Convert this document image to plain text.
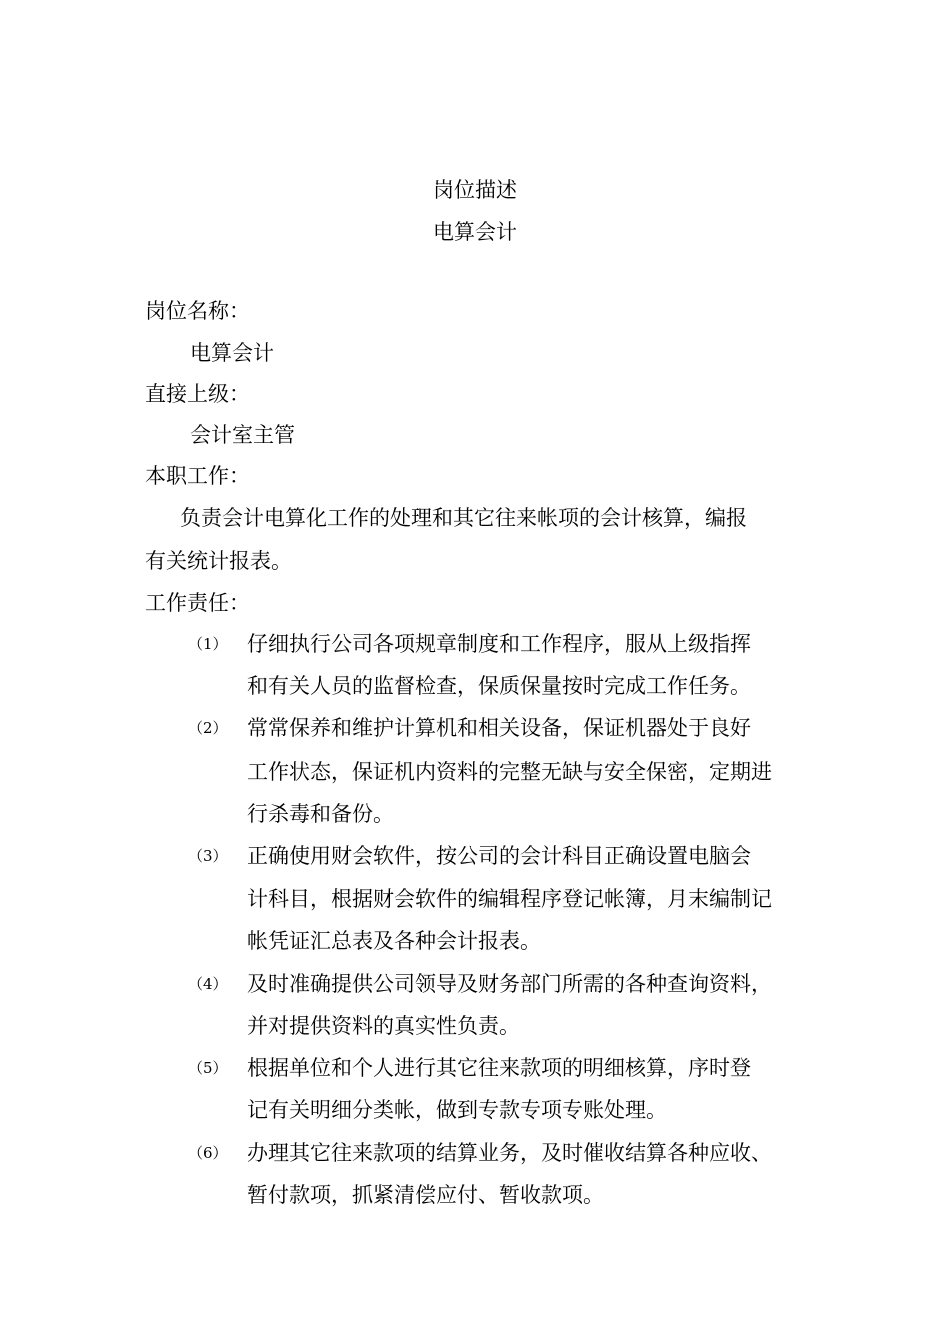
岗位描述
电算会计
岗位名称：
电算会计
直接上级：
会计室主管
本职工作：
负责会计电算化工作的处理和其它往来帐项的会计核算，编报
有关统计报表。
工作责任：
（1） 仔细执行公司各项规章制度和工作程序，服从上级指挥
和有关人员的监督检查，保质保量按时完成工作任务。
（2） 常常保养和维护计算机和相关设备，保证机器处于良好
工作状态，保证机内资料的完整无缺与安全保密，定期进
行杀毒和备份。
（3） 正确使用财会软件，按公司的会计科目正确设置电脑会
计科目，根据财会软件的编辑程序登记帐簿，月末编制记
帐凭证汇总表及各种会计报表。
（4） 及时准确提供公司领导及财务部门所需的各种查询资料，
并对提供资料的真实性负责。
（5） 根据单位和个人进行其它往来款项的明细核算，序时登
记有关明细分类帐，做到专款专项专账处理。
（6） 办理其它往来款项的结算业务，及时催收结算各种应收、
暂付款项，抓紧清偿应付、暂收款项。
